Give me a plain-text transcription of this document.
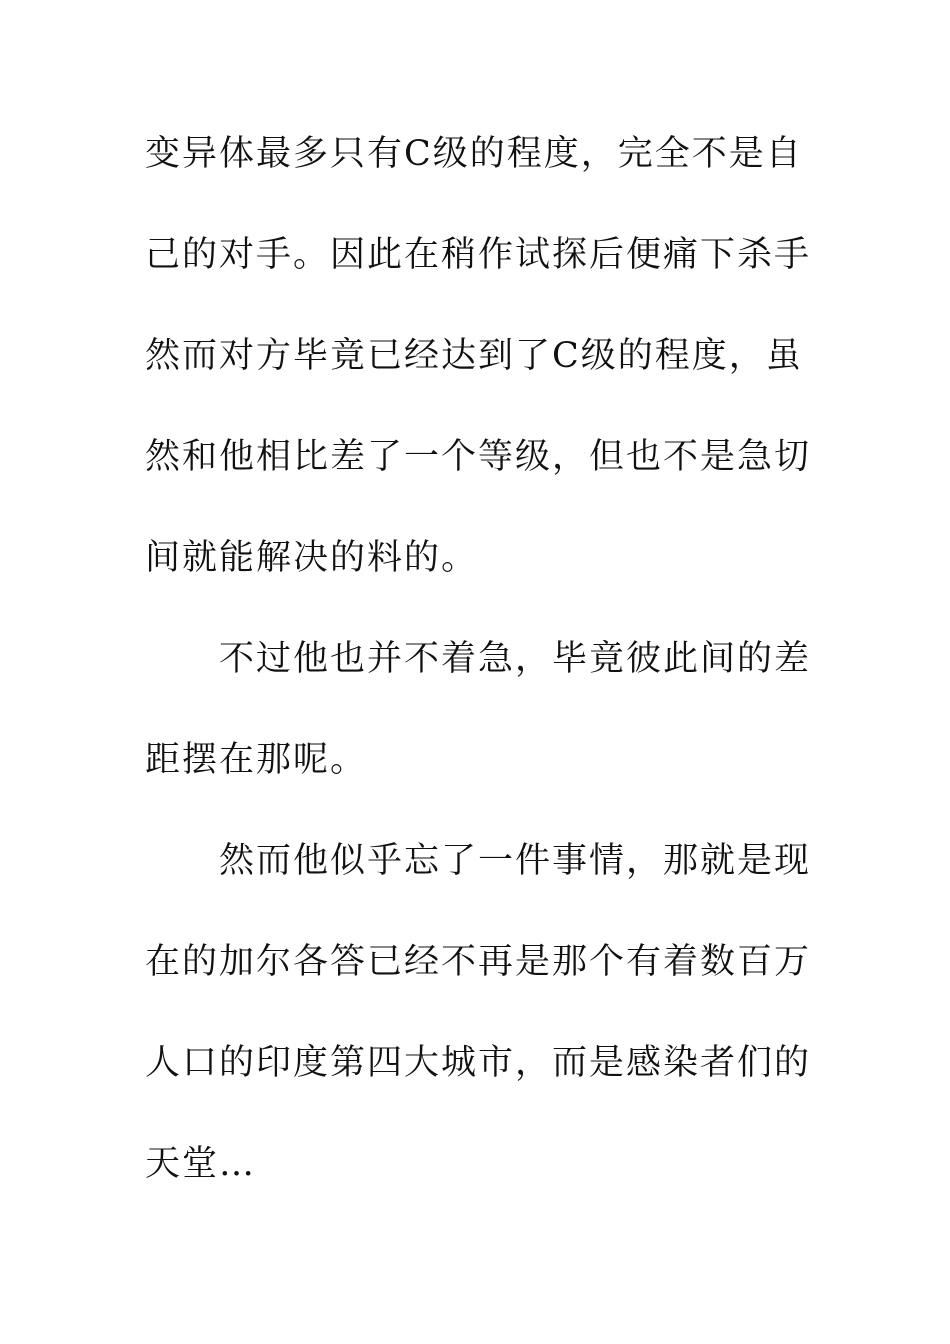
变异体最多只有C级的程度，完全不是自
己的对手。因此在稍作试探后便痛下杀手
然而对方毕竟已经达到了C级的程度，虽
然和他相比差了一个等级，但也不是急切
间就能解决的料的。
不过他也并不着急，毕竟彼此间的差
距摆在那呢。
然而他似乎忘了一件事情，那就是现
在的加尔各答已经不再是那个有着数百万
人口的印度第四大城市，而是感染者们的
天堂…
